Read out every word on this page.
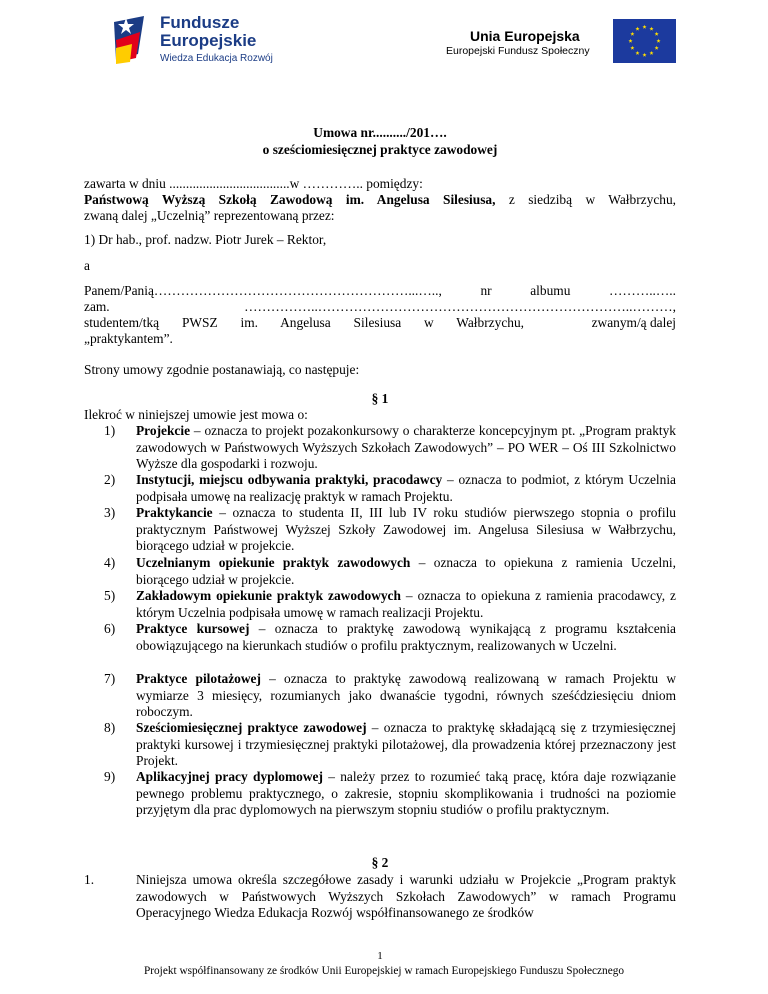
Fundusze
Europejskie
Wiedza Edukacja Rozwój
Unia Europejska
Europejski Fundusz Społeczny
Umowa nr........../201….
o sześciomiesięcznej praktyce zawodowej
zawarta w dniu ....................................w ………….. pomiędzy:
Państwową Wyższą Szkołą Zawodową im. Angelusa Silesiusa, z siedzibą w Wałbrzychu,
zwaną dalej „Uczelnią” reprezentowaną przez:
1) Dr hab., prof. nadzw. Piotr Jurek – Rektor,
a
Panem/Panią…………………………………………………...….., nr albumu ………..…..
zam. ……………..……………………………………………………………..………,
studentem/tką PWSZ im. Angelusa Silesiusa w Wałbrzychu,	zwanym/ą dalej
„praktykantem”.
Strony umowy zgodnie postanawiają, co następuje:
§ 1
Ilekroć w niniejszej umowie jest mowa o:
1) Projekcie – oznacza to projekt pozakonkursowy o charakterze koncepcyjnym pt. „Program praktyk zawodowych w Państwowych Wyższych Szkołach Zawodowych” – PO WER – Oś III Szkolnictwo Wyższe dla gospodarki i rozwoju.
2) Instytucji, miejscu odbywania praktyki, pracodawcy – oznacza to podmiot, z którym Uczelnia podpisała umowę na realizację praktyk w ramach Projektu.
3) Praktykancie – oznacza to studenta II, III lub IV roku studiów pierwszego stopnia o profilu praktycznym Państwowej Wyższej Szkoły Zawodowej im. Angelusa Silesiusa w Wałbrzychu, biorącego udział w projekcie.
4) Uczelnianym opiekunie praktyk zawodowych – oznacza to opiekuna z ramienia Uczelni, biorącego udział w projekcie.
5) Zakładowym opiekunie praktyk zawodowych – oznacza to opiekuna z ramienia pracodawcy, z którym Uczelnia podpisała umowę w ramach realizacji Projektu.
6) Praktyce kursowej – oznacza to praktykę zawodową wynikającą z programu kształcenia obowiązującego na kierunkach studiów o profilu praktycznym, realizowanych w Uczelni.
7) Praktyce pilotażowej – oznacza to praktykę zawodową realizowaną w ramach Projektu w wymiarze 3 miesięcy, rozumianych jako dwanaście tygodni, równych sześćdziesięciu dniom roboczym.
8) Sześciomiesięcznej praktyce zawodowej – oznacza to praktykę składającą się z trzymiesięcznej praktyki kursowej i trzymiesięcznej praktyki pilotażowej, dla prowadzenia której przeznaczony jest Projekt.
9) Aplikacyjnej pracy dyplomowej – należy przez to rozumieć taką pracę, która daje rozwiązanie pewnego problemu praktycznego, o zakresie, stopniu skomplikowania i trudności na poziomie przyjętym dla prac dyplomowych na pierwszym stopniu studiów o profilu praktycznym.
§ 2
1.	Niniejsza umowa określa szczegółowe zasady i warunki udziału w Projekcie „Program praktyk zawodowych w Państwowych Wyższych Szkołach Zawodowych” w ramach Programu Operacyjnego Wiedza Edukacja Rozwój współfinansowanego ze środków
1
Projekt współfinansowany ze środków Unii Europejskiej w ramach Europejskiego Funduszu Społecznego
